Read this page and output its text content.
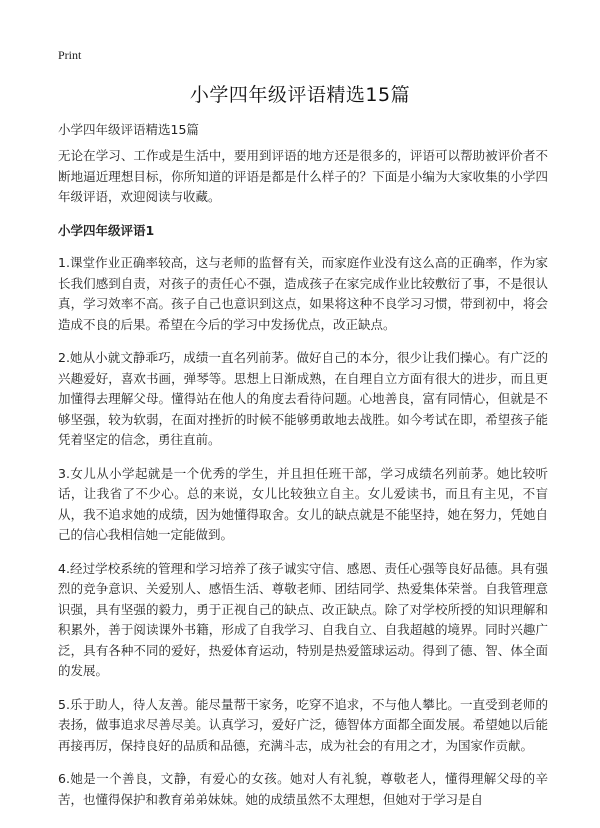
Print
小学四年级评语精选15篇
小学四年级评语精选15篇

无论在学习、工作或是生活中，要用到评语的地方还是很多的，评语可以帮助被评价者不断地逼近理想目标，你所知道的评语是都是什么样子的？下面是小编为大家收集的小学四年级评语，欢迎阅读与收藏。

小学四年级评语1

1.课堂作业正确率较高，这与老师的监督有关，而家庭作业没有这么高的正确率，作为家长我们感到自责，对孩子的责任心不强，造成孩子在家完成作业比较敷衍了事，不是很认真，学习效率不高。孩子自己也意识到这点，如果将这种不良学习习惯，带到初中，将会造成不良的后果。希望在今后的学习中发扬优点，改正缺点。

2.她从小就文静乖巧，成绩一直名列前茅。做好自己的本分，很少让我们操心。有广泛的兴趣爱好，喜欢书画，弹琴等。思想上日渐成熟，在自理自立方面有很大的进步，而且更加懂得去理解父母。懂得站在他人的角度去看待问题。心地善良，富有同情心，但就是不够坚强，较为软弱，在面对挫折的时候不能够勇敢地去战胜。如今考试在即，希望孩子能凭着坚定的信念，勇往直前。

3.女儿从小学起就是一个优秀的学生，并且担任班干部，学习成绩名列前茅。她比较听话，让我省了不少心。总的来说，女儿比较独立自主。女儿爱读书，而且有主见，不盲从，我不追求她的成绩，因为她懂得取舍。女儿的缺点就是不能坚持，她在努力，凭她自己的信心我相信她一定能做到。

4.经过学校系统的管理和学习培养了孩子诚实守信、感恩、责任心强等良好品德。具有强烈的竞争意识、关爱别人、感悟生活、尊敬老师、团结同学、热爱集体荣誉。自我管理意识强，具有坚强的毅力，勇于正视自己的缺点、改正缺点。除了对学校所授的知识理解和积累外，善于阅读课外书籍，形成了自我学习、自我自立、自我超越的境界。同时兴趣广泛，具有各种不同的爱好，热爱体育运动，特别是热爱篮球运动。得到了德、智、体全面的发展。

5.乐于助人，待人友善。能尽量帮干家务，吃穿不追求，不与他人攀比。一直受到老师的表扬，做事追求尽善尽美。认真学习，爱好广泛，德智体方面都全面发展。希望她以后能再接再厉，保持良好的品质和品德，充满斗志，成为社会的有用之才，为国家作贡献。

6.她是一个善良，文静，有爱心的女孩。她对人有礼貌，尊敬老人，懂得理解父母的辛苦，也懂得保护和教育弟弟妹妹。她的成绩虽然不太理想，但她对于学习是自
